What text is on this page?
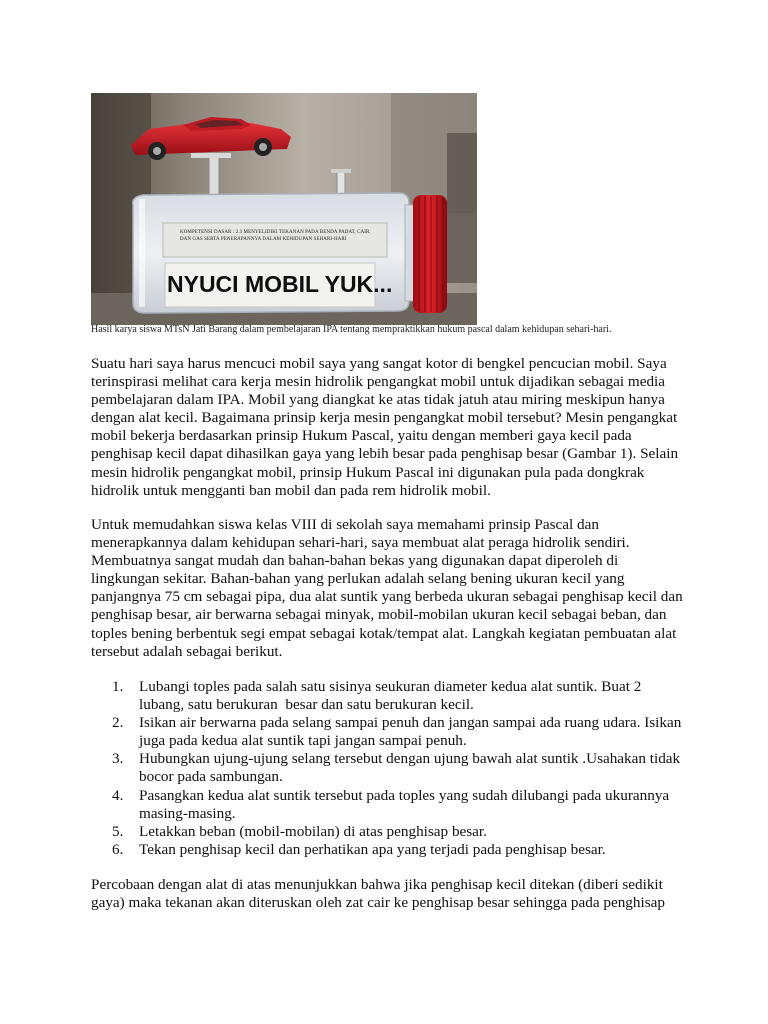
KOMPETENSI DASAR : 2.3 MENYELIDIKI TEKANAN PADA BENDA PADAT, CAIR, DAN GAS SERTA PENERAPANNYA DALAM KEHIDUPAN SEHARI-HARI
NYUCI MOBIL YUK...
Hasil karya siswa MTsN Jati Barang dalam pembelajaran IPA tentang mempraktikkan hukum pascal dalam kehidupan sehari-hari.

Suatu hari saya harus mencuci mobil saya yang sangat kotor di bengkel pencucian mobil. Saya
terinspirasi melihat cara kerja mesin hidrolik pengangkat mobil untuk dijadikan sebagai media
pembelajaran dalam IPA. Mobil yang diangkat ke atas tidak jatuh atau miring meskipun hanya
dengan alat kecil. Bagaimana prinsip kerja mesin pengangkat mobil tersebut? Mesin pengangkat
mobil bekerja berdasarkan prinsip Hukum Pascal, yaitu dengan memberi gaya kecil pada
penghisap kecil dapat dihasilkan gaya yang lebih besar pada penghisap besar (Gambar 1). Selain
mesin hidrolik pengangkat mobil, prinsip Hukum Pascal ini digunakan pula pada dongkrak
hidrolik untuk mengganti ban mobil dan pada rem hidrolik mobil.

Untuk memudahkan siswa kelas VIII di sekolah saya memahami prinsip Pascal dan
menerapkannya dalam kehidupan sehari-hari, saya membuat alat peraga hidrolik sendiri.
Membuatnya sangat mudah dan bahan-bahan bekas yang digunakan dapat diperoleh di
lingkungan sekitar. Bahan-bahan yang perlukan adalah selang bening ukuran kecil yang
panjangnya 75 cm sebagai pipa, dua alat suntik yang berbeda ukuran sebagai penghisap kecil dan
penghisap besar, air berwarna sebagai minyak, mobil-mobilan ukuran kecil sebagai beban, dan
toples bening berbentuk segi empat sebagai kotak/tempat alat. Langkah kegiatan pembuatan alat
tersebut adalah sebagai berikut.

1. Lubangi toples pada salah satu sisinya seukuran diameter kedua alat suntik. Buat 2
lubang, satu berukuran  besar dan satu berukuran kecil.
2. Isikan air berwarna pada selang sampai penuh dan jangan sampai ada ruang udara. Isikan
juga pada kedua alat suntik tapi jangan sampai penuh.
3. Hubungkan ujung-ujung selang tersebut dengan ujung bawah alat suntik .Usahakan tidak
bocor pada sambungan.
4. Pasangkan kedua alat suntik tersebut pada toples yang sudah dilubangi pada ukurannya
masing-masing.
5. Letakkan beban (mobil-mobilan) di atas penghisap besar.
6. Tekan penghisap kecil dan perhatikan apa yang terjadi pada penghisap besar.

Percobaan dengan alat di atas menunjukkan bahwa jika penghisap kecil ditekan (diberi sedikit
gaya) maka tekanan akan diteruskan oleh zat cair ke penghisap besar sehingga pada penghisap
